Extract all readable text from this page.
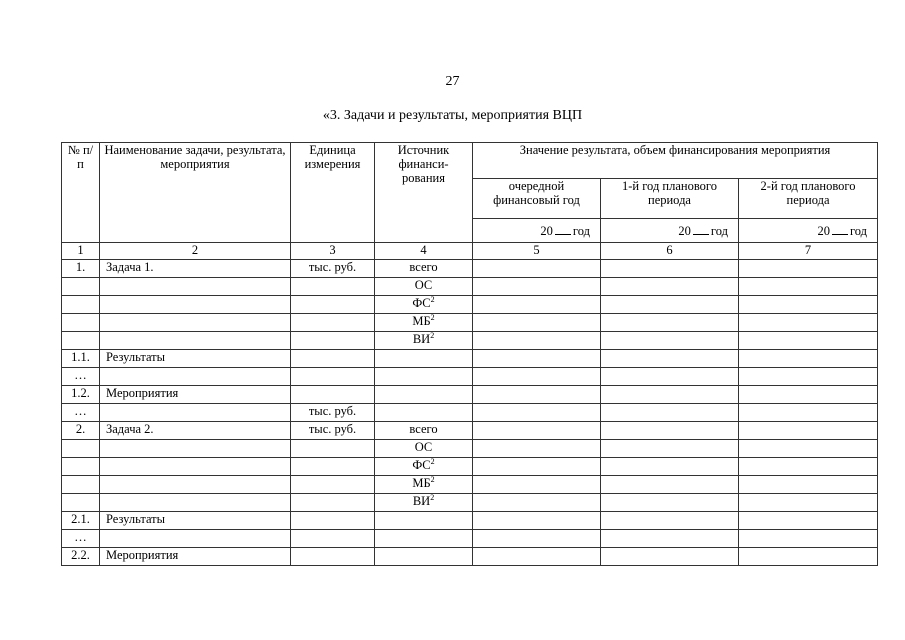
27
«3. Задачи и результаты, мероприятия ВЦП
№ п/п	Наименование задачи, результата, мероприятия	Единица измерения	Источник финанси-рования	Значение результата, объем финансирования мероприятия		
				очередной финансовый год	1-й год планового периода	2-й год планового периода
				20 год	20 год	20 год
1	2	3	4	5	6	7
1.	Задача 1.	тыс. руб.	всего			
			ОС			
			$ФС^2$			
			$МБ^2$			
			$ВИ^2$			
1.1.	Результаты					
…						
1.2.	Мероприятия					
…		тыс. руб.				
2.	Задача 2.	тыс. руб.	всего			
			ОС			
			$ФС^2$			
			$МБ^2$			
			$ВИ^2$			
2.1.	Результаты					
…						
2.2.	Мероприятия					
